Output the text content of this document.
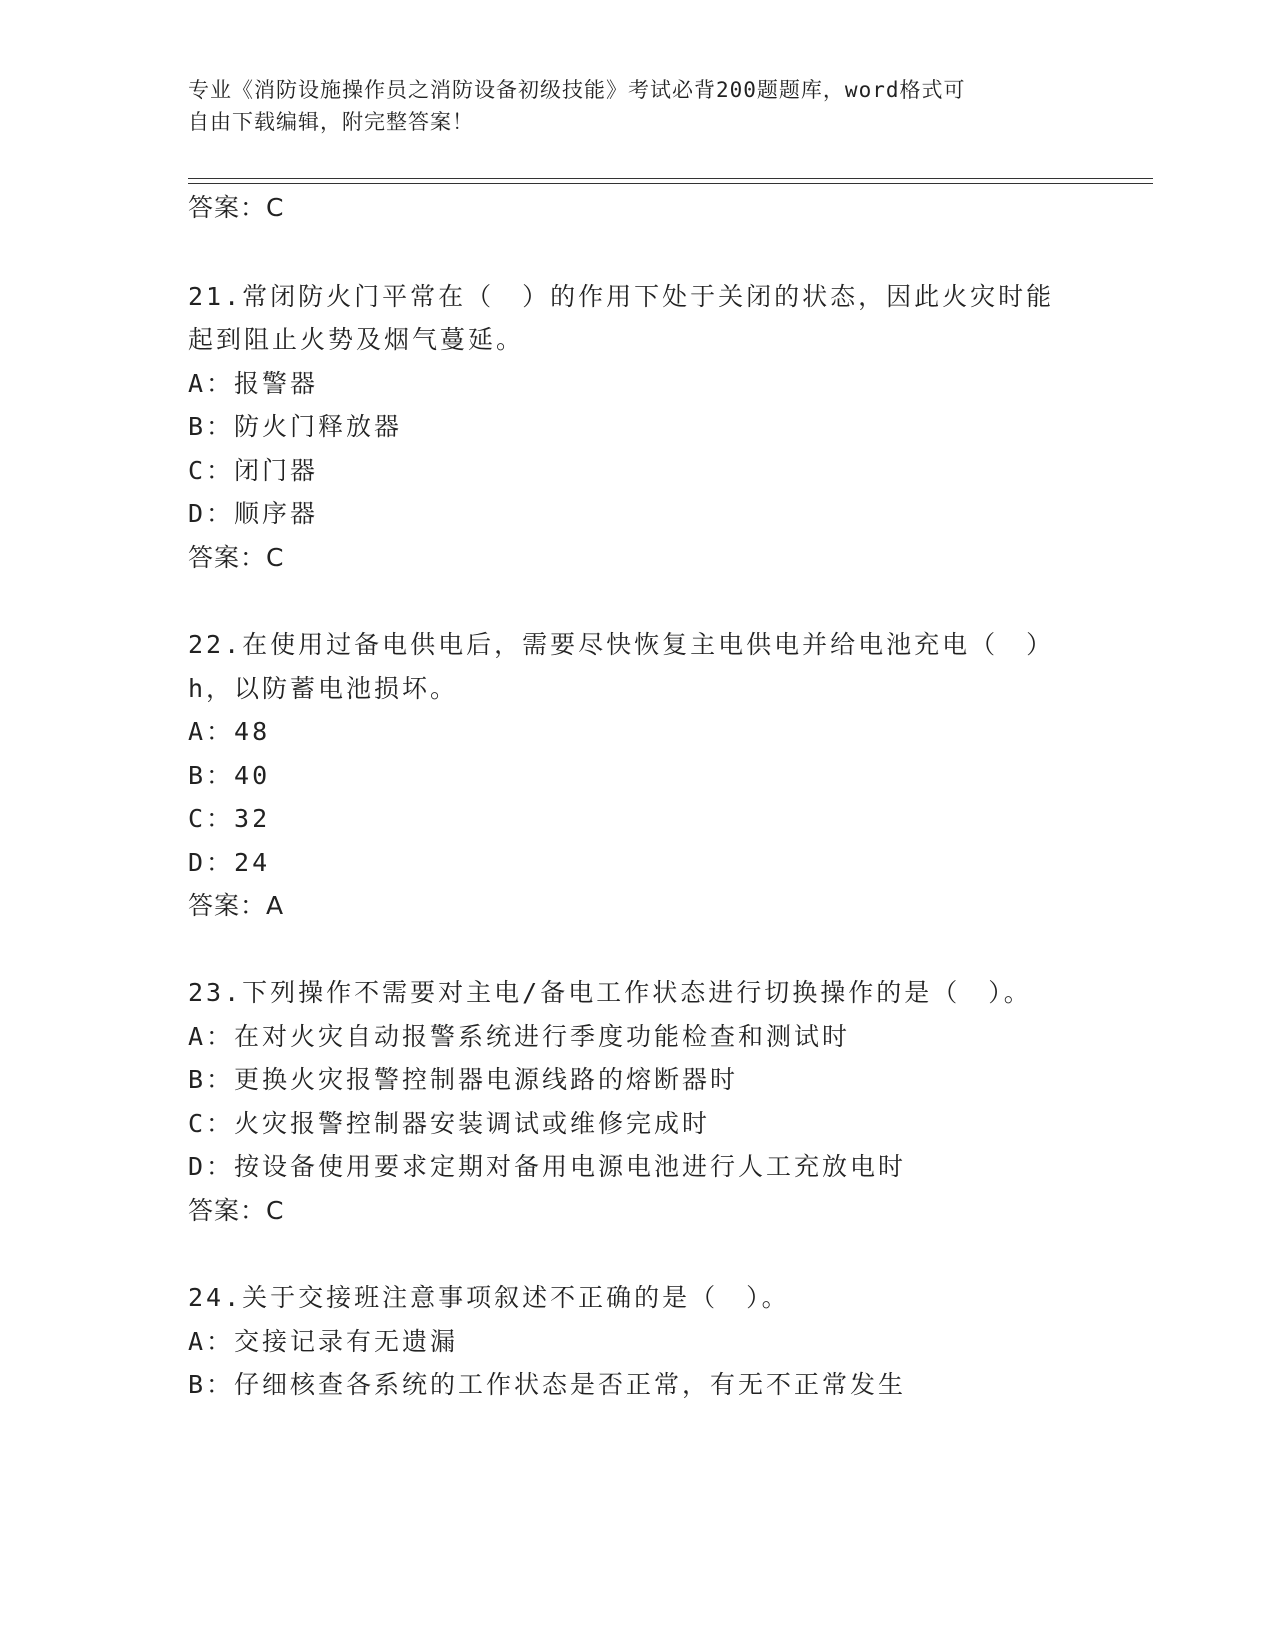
专业《消防设施操作员之消防设备初级技能》考试必背200题题库，word格式可
自由下载编辑，附完整答案！
答案：C
21.常闭防火门平常在（　）的作用下处于关闭的状态，因此火灾时能
起到阻止火势及烟气蔓延。
A：报警器
B：防火门释放器
C：闭门器
D：顺序器
答案：C
22.在使用过备电供电后，需要尽快恢复主电供电并给电池充电（　）
h，以防蓄电池损坏。
A：48
B：40
C：32
D：24
答案：A
23.下列操作不需要对主电/备电工作状态进行切换操作的是（　）。
A：在对火灾自动报警系统进行季度功能检查和测试时
B：更换火灾报警控制器电源线路的熔断器时
C：火灾报警控制器安装调试或维修完成时
D：按设备使用要求定期对备用电源电池进行人工充放电时
答案：C
24.关于交接班注意事项叙述不正确的是（　）。
A：交接记录有无遗漏
B：仔细核查各系统的工作状态是否正常，有无不正常发生
